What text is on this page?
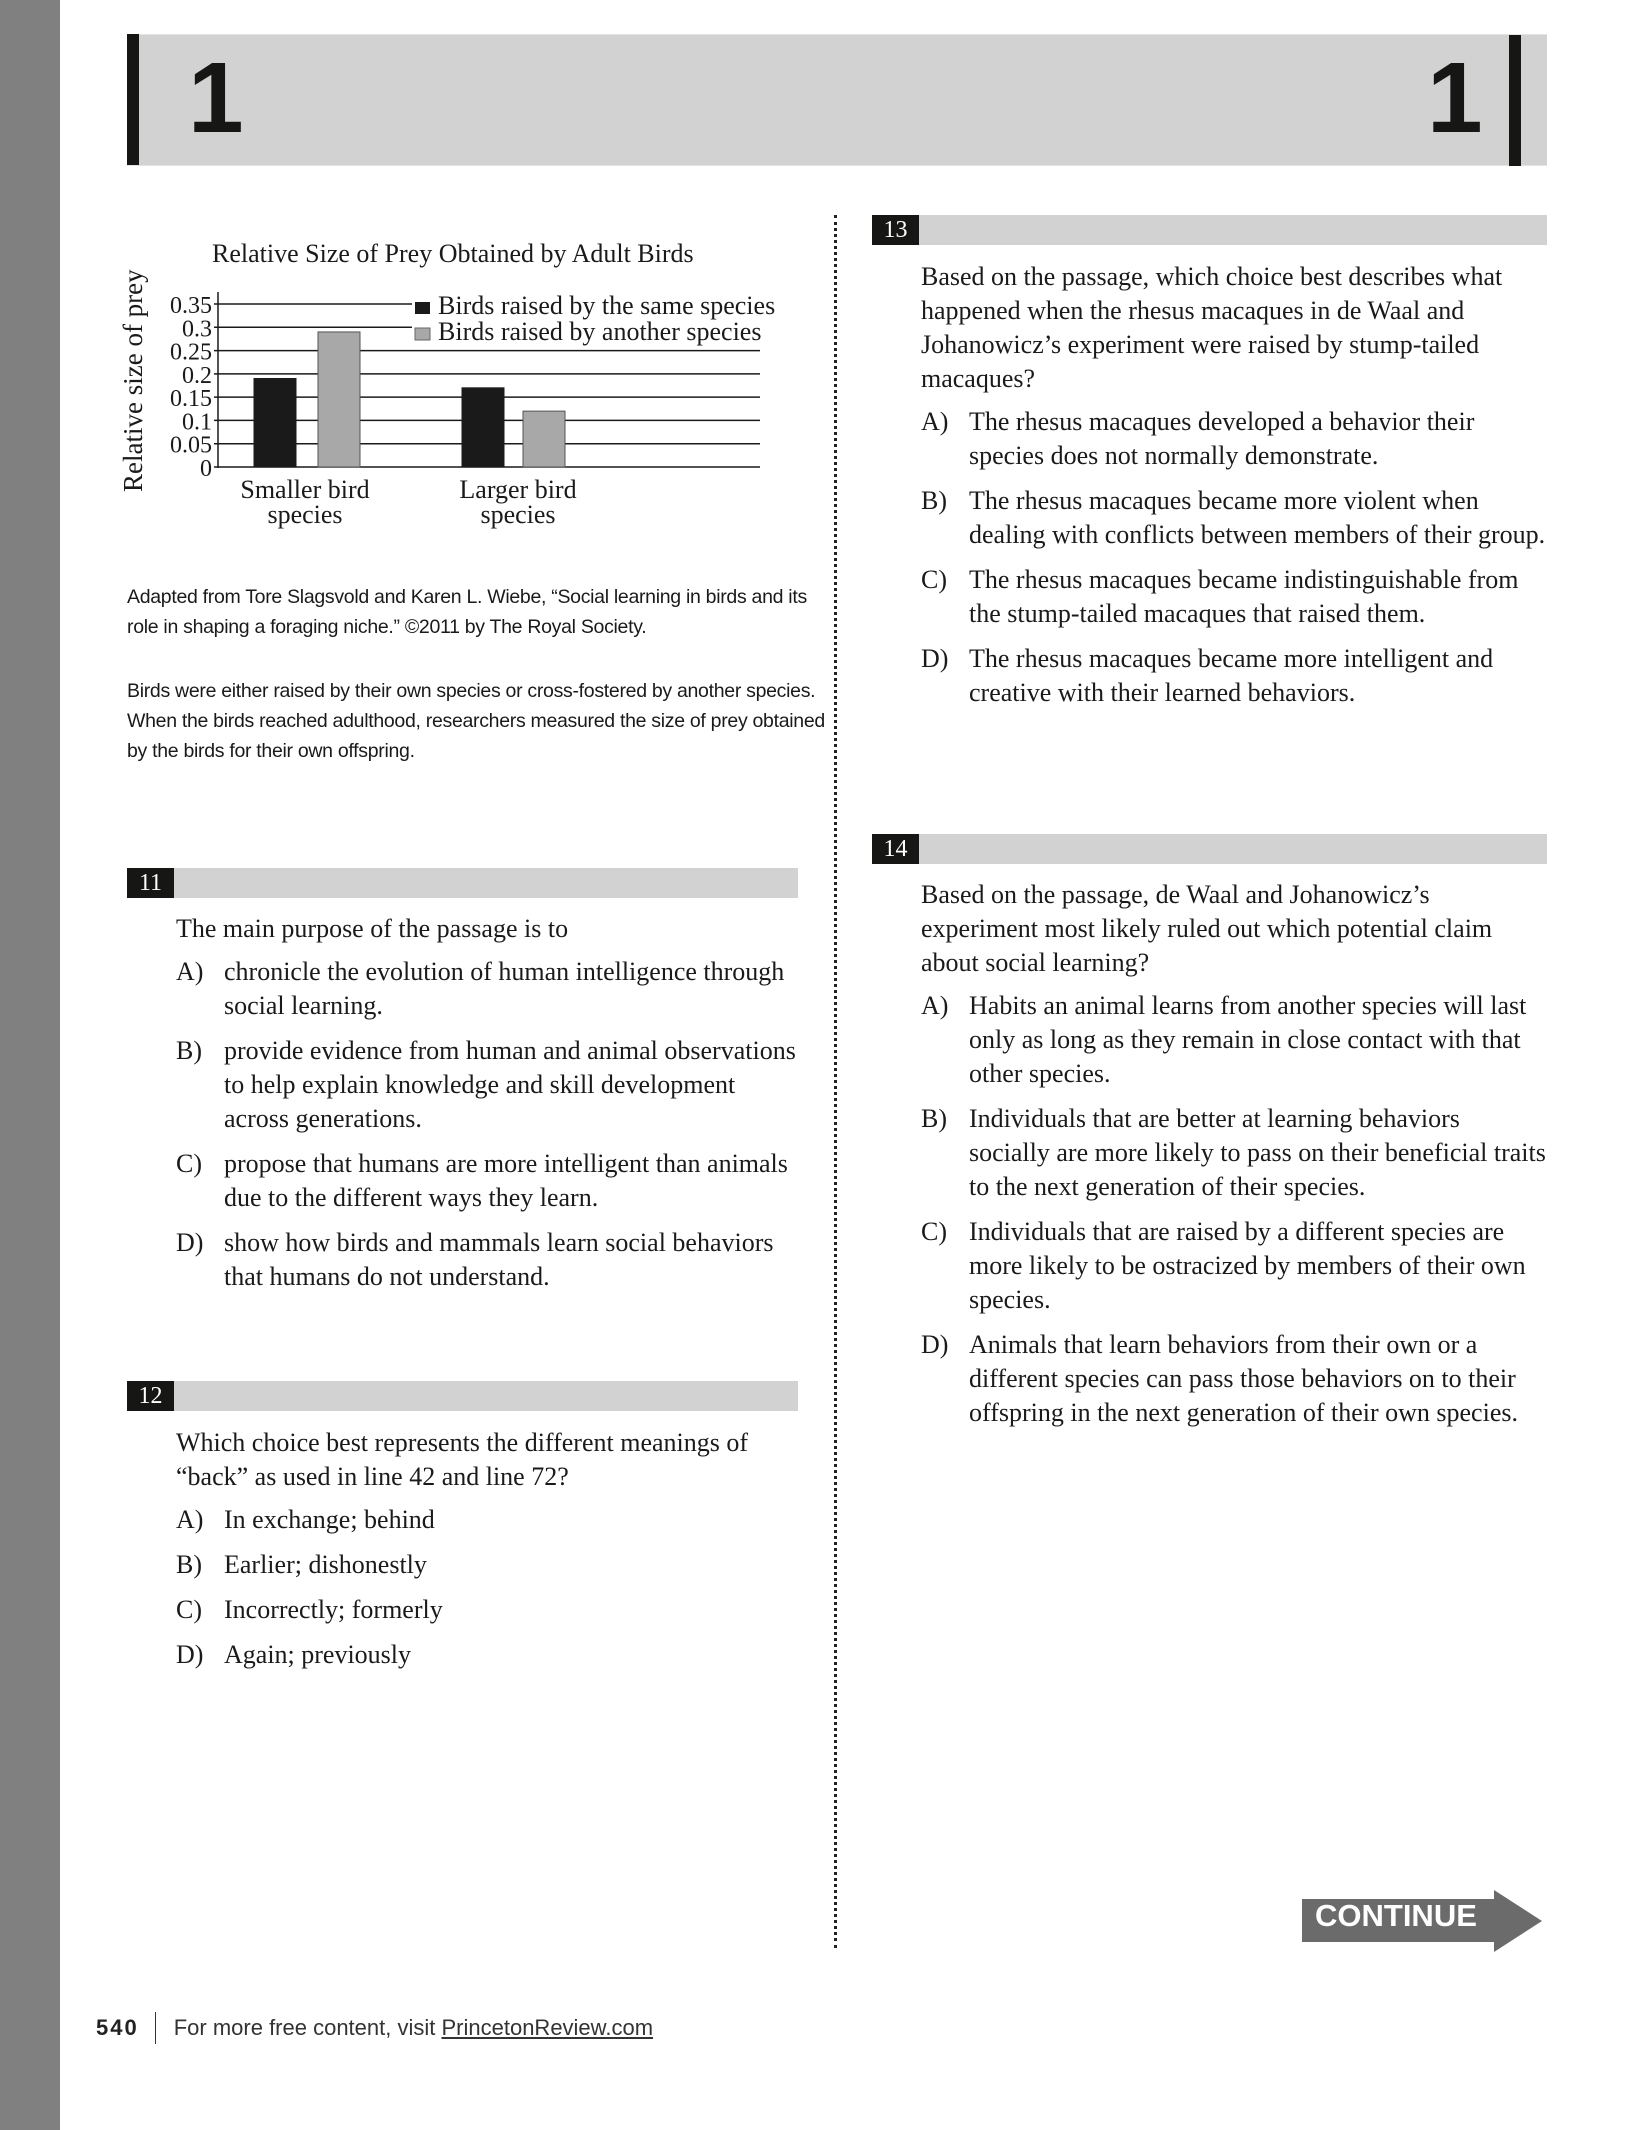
1	1
Relative Size of Prey Obtained by Adult Birds
Relative size of prey 0
0.05
0.1
0.15
0.2
0.25
0.3
0.35	Birds raised by the same species
Birds raised by another species
Smaller bird
species
Larger bird
species
Adapted from Tore Slagsvold and Karen L. Wiebe, “Social learning in birds and its role in shaping a foraging niche.” ©2011 by The Royal Society.
Birds were either raised by their own species or cross-fostered by another species. When the birds reached adulthood, researchers measured the size of prey obtained by the birds for their own offspring.
11
The main purpose of the passage is to
A) chronicle the evolution of human intelligence through social learning.
B) provide evidence from human and animal observations to help explain knowledge and skill development across generations.
C) propose that humans are more intelligent than animals due to the different ways they learn.
D) show how birds and mammals learn social behaviors that humans do not understand.
12
Which choice best represents the different meanings of “back” as used in line 42 and line 72?
A) In exchange; behind
B) Earlier; dishonestly
C) Incorrectly; formerly
D) Again; previously
13
Based on the passage, which choice best describes what happened when the rhesus macaques in de Waal and Johanowicz’s experiment were raised by stump-tailed macaques?
A) The rhesus macaques developed a behavior their species does not normally demonstrate.
B) The rhesus macaques became more violent when dealing with conflicts between members of their group.
C) The rhesus macaques became indistinguishable from the stump-tailed macaques that raised them.
D) The rhesus macaques became more intelligent and creative with their learned behaviors.
14
Based on the passage, de Waal and Johanowicz’s experiment most likely ruled out which potential claim about social learning?
A) Habits an animal learns from another species will last only as long as they remain in close contact with that other species.
B) Individuals that are better at learning behaviors socially are more likely to pass on their beneficial traits to the next generation of their species.
C) Individuals that are raised by a different species are more likely to be ostracized by members of their own species.
D) Animals that learn behaviors from their own or a different species can pass those behaviors on to their offspring in the next generation of their own species.
CONTINUE
540 For more free content, visit PrincetonReview.com
